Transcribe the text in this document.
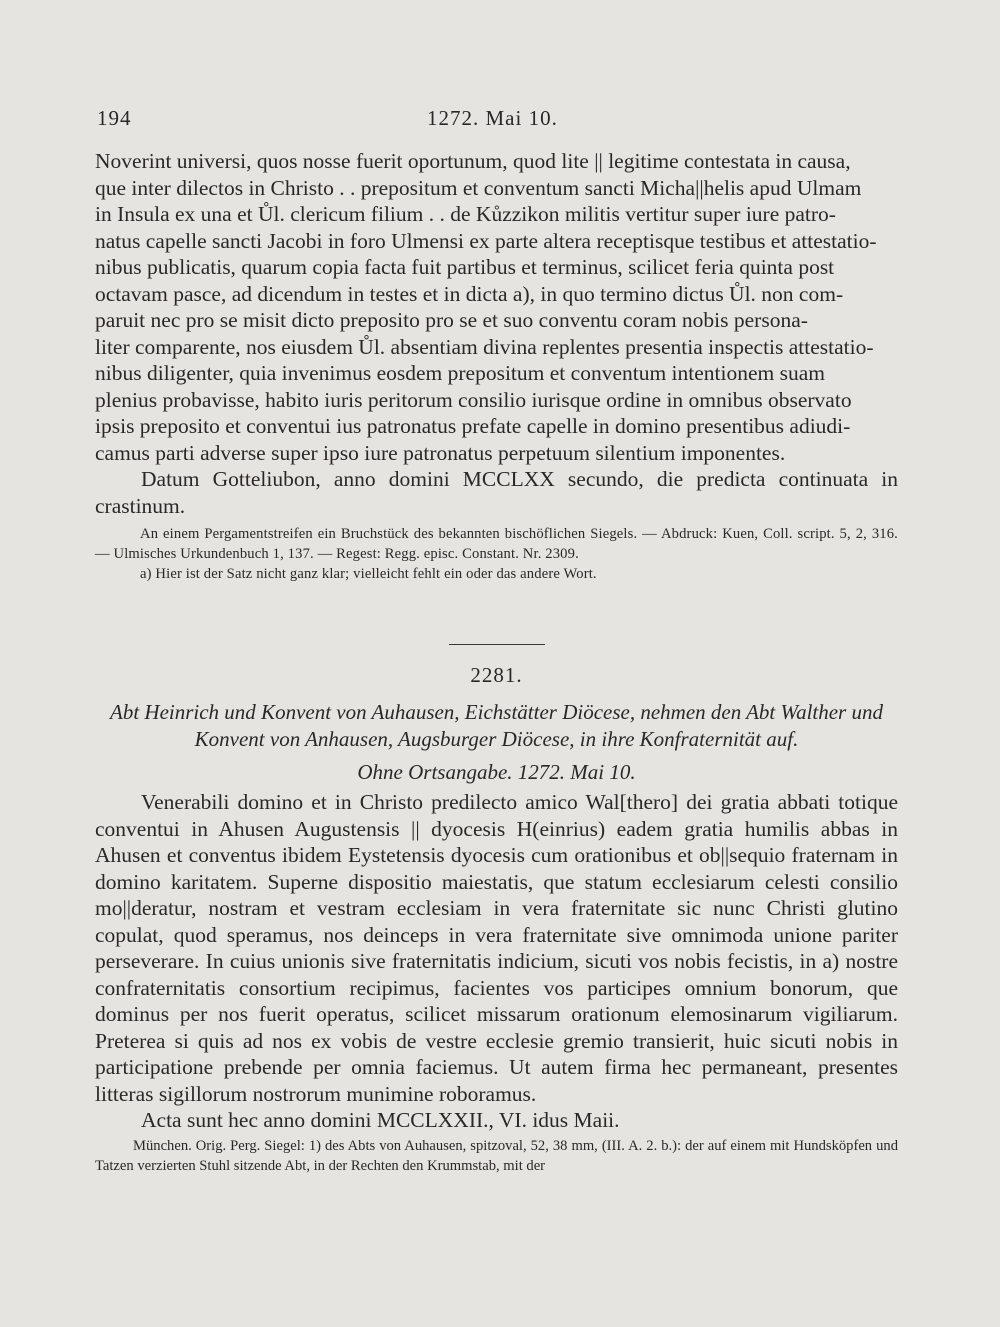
194	1272. Mai 10.

Noverint universi, quos nosse fuerit oportunum, quod lite || legitime contestata in causa,

que inter dilectos in Christo . . prepositum et conventum sancti Micha||helis apud Ulmam

in Insula ex una et Ůl. clericum filium . . de Kůzzikon militis vertitur super iure patro-

natus capelle sancti Jacobi in foro Ulmensi ex parte altera receptisque testibus et attestatio-

nibus publicatis, quarum copia facta fuit partibus et terminus, scilicet feria quinta post

octavam pasce, ad dicendum in testes et in dicta a), in quo termino dictus Ůl. non com-

paruit nec pro se misit dicto preposito pro se et suo conventu coram nobis persona-

liter comparente, nos eiusdem Ůl. absentiam divina replentes presentia inspectis attestatio-

nibus diligenter, quia invenimus eosdem prepositum et conventum intentionem suam

plenius probavisse, habito iuris peritorum consilio iurisque ordine in omnibus observato

ipsis preposito et conventui ius patronatus prefate capelle in domino presentibus adiudi-

camus parti adverse super ipso iure patronatus perpetuum silentium imponentes.

Datum Gotteliubon, anno domini MCCLXX secundo, die predicta continuata in crastinum.

An einem Pergamentstreifen ein Bruchstück des bekannten bischöflichen Siegels. — Abdruck: Kuen, Coll. script. 5, 2, 316. — Ulmisches Urkundenbuch 1, 137. — Regest: Regg. episc. Constant. Nr. 2309.

a) Hier ist der Satz nicht ganz klar; vielleicht fehlt ein oder das andere Wort.

2281.
Abt Heinrich und Konvent von Auhausen, Eichstätter Diöcese, nehmen den Abt Walther und Konvent von Anhausen, Augsburger Diöcese, in ihre Konfraternität auf.
Ohne Ortsangabe. 1272. Mai 10.

Venerabili domino et in Christo predilecto amico Wal[thero] dei gratia abbati totique conventui in Ahusen Augustensis || dyocesis H(einrius) eadem gratia humilis abbas in Ahusen et conventus ibidem Eystetensis dyocesis cum orationibus et ob||sequio fraternam in domino karitatem. Superne dispositio maiestatis, que statum ecclesiarum celesti consilio mo||deratur, nostram et vestram ecclesiam in vera fraternitate sic nunc Christi glutino copulat, quod speramus, nos deinceps in vera fraternitate sive omnimoda unione pariter perseverare. In cuius unionis sive fraternitatis indicium, sicuti vos nobis fecistis, in a) nostre confraternitatis consortium recipimus, facientes vos participes omnium bonorum, que dominus per nos fuerit operatus, scilicet missarum orationum elemosinarum vigiliarum. Preterea si quis ad nos ex vobis de vestre ecclesie gremio transierit, huic sicuti nobis in participatione prebende per omnia faciemus. Ut autem firma hec permaneant, presentes litteras sigillorum nostrorum munimine roboramus.

Acta sunt hec anno domini MCCLXXII., VI. idus Maii.

München. Orig. Perg. Siegel: 1) des Abts von Auhausen, spitzoval, 52, 38 mm, (III. A. 2. b.): der auf einem mit Hundsköpfen und Tatzen verzierten Stuhl sitzende Abt, in der Rechten den Krummstab, mit der
